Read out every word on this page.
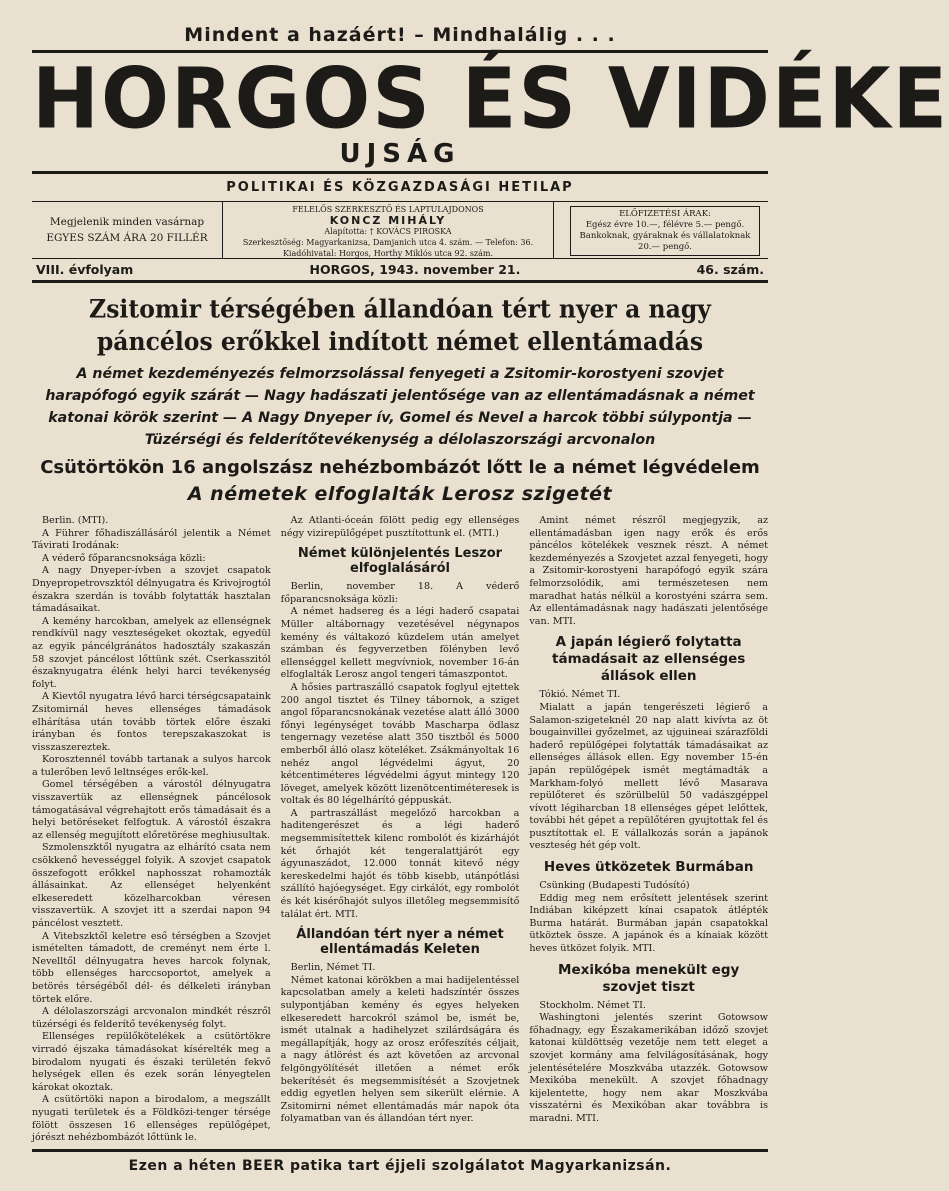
Mindent a hazáért! – Mindhalálig . . .
HORGOS ÉS VIDÉKE
UJSÁG
POLITIKAI ÉS KÖZGAZDASÁGI HETILAP
Megjelenik minden vasárnap
EGYES SZÁM ÁRA 20 FILLÉR
FELELŐS SZERKESZTŐ ÉS LAPTULAJDONOS
KONCZ MIHÁLY
Alapította: † KOVÁCS PIROSKA
Szerkesztőség: Magyarkanizsa, Damjanich utca 4. szám. — Telefon: 36.
Kiadóhivatal: Horgos, Horthy Miklós utca 92. szám.
ELŐFIZETÉSI ÁRAK:
Egész évre 10.—, félévre 5.— pengő.
Bankoknak, gyáraknak és vállalatoknak 20.— pengő.
VIII. évfolyam	HORGOS, 1943. november 21.	46. szám.
Zsitomir térségében állandóan tért nyer a nagy páncélos erőkkel indított német ellentámadás
A német kezdeményezés felmorzsolással fenyegeti a Zsitomir-korostyeni szovjet harapófogó egyik szárát — Nagy hadászati jelentősége van az ellentámadásnak a német katonai körök szerint — A Nagy Dnyeper ív, Gomel és Nevel a harcok többi súlypontja — Tüzérségi és felderítőtevékenység a délolaszországi arcvonalon
Csütörtökön 16 angolszász nehézbombázót lőtt le a német légvédelem
A németek elfoglalták Lerosz szigetét

Berlin. (MTI).

A Führer főhadiszállásáról jelentik a Német Távirati Irodának:

A véderő főparancsnoksága közli:

A nagy Dnyeper-ívben a szovjet csapatok Dnyepropetrovszktól délnyugatra és Krivojrogtól északra szerdán is tovább folytatták hasztalan támadásaikat.

A kemény harcokban, amelyek az ellenségnek rendkívül nagy veszteségeket okoztak, egyedül az egyik páncélgránátos hadosztály szakaszán 58 szovjet páncélost lőttünk szét. Cserkasszitól északnyugatra élénk helyi harci tevékenység folyt.

A Kievtől nyugatra lévő harci térségcsapataink Zsitomirnál heves ellenséges támadások elhárítása után tovább törtek előre északi irányban és fontos terepszakaszokat is visszaszereztek.

Korosztennél tovább tartanak a sulyos harcok a tulerőben levő leltnséges erők-kel.

Gomel térségében a várostól délnyugatra visszavertük az ellenségnek páncélosok támogatásával végrehajtott erős támadásait és a helyi betöréseket felfogtuk. A várostól északra az ellenség megujított előretörése meghiusultak.

Szmolenszktől nyugatra az elhárító csata nem csökkenő hevességgel folyik. A szovjet csapatok összefogott erőkkel naphosszat rohamozták állásainkat. Az ellenséget helyenként elkeseredett közelharcokban véresen visszavertük. A szovjet itt a szerdai napon 94 páncélost vesztett.

A Vitebszktől keletre eső térségben a Szovjet ismételten támadott, de creményt nem érte l. Nevelltől délnyugatra heves harcok folynak, több ellenséges harccsoportot, amelyek a betörés térségéből dél- és délkeleti irányban törtek előre.

A délolaszországi arcvonalon mindkét részről tüzérségi és felderítő tevékenység folyt.

Ellenséges repülőkötelékek a csütörtökre virradó éjszaka támadásokat kísérelték meg a birodalom nyugati és északi területén fekvő helységek ellen és ezek során lényegtelen károkat okoztak.

A csütörtöki napon a birodalom, a megszállt nyugati területek és a Földközi-tenger térsége fölött összesen 16 ellenséges repülőgépet, jórészt nehézbombázót lőttünk le.

Az Atlanti-óceán fölött pedig egy ellenséges négy vizirepülőgépet pusztítottunk el. (MTI.)

Német különjelentés Leszor elfoglalásáról

Berlin, november 18. A véderő főparancsnoksága közli:

A német hadsereg és a légi haderő csapatai Müller altábornagy vezetésével négynapos kemény és váltakozó küzdelem után amelyet számban és fegyverzetben fölényben levő ellenséggel kellett megvívniok, november 16-án elfoglalták Lerosz angol tengeri támaszpontot.

A hősies partraszálló csapatok foglyul ejtettek 200 angol tisztet és Tilney tábornok, a sziget angol főparancsnokának vezetése alatt álló 3000 főnyi legénységet tovább Mascharpa ödlasz tengernagy vezetése alatt 350 tisztből és 5000 emberből álló olasz köteléket. Zsákmányoltak 16 nehéz angol légvédelmi ágyut, 20 kétcentiméteres légvédelmi ágyut mintegy 120 löveget, amelyek között lizenötcentiméteresek is voltak és 80 légelhárító géppuskát.

A partraszállást megelőző harcokban a haditengerészet és a légi haderő megsemmisítettek kilenc rombolót és kizárhájót két őrhajót két tengeralattjárót egy ágyunaszádot, 12.000 tonnát kitevő négy kereskedelmi hajót és több kisebb, utánpótlási szállító hajóegységet. Egy cirkálót, egy rombolót és két kisérőhajót sulyos illetőleg megsemmisítő találat ért. MTI.

Állandóan tért nyer a német ellentámadás Keleten

Berlin, Német TI.

Német katonai körökben a mai hadijelentéssel kapcsolatban amely a keleti hadszíntér összes sulypontjában kemény és egyes helyeken elkeseredett harcokról számol be, ismét be, ismét utalnak a hadihelyzet szilárdságára és megállapítják, hogy az orosz erőfeszítés céljait, a nagy átlörést és azt követően az arcvonal felgöngyölítését illetően a német erők bekerítését és megsemmisítését a Szovjetnek eddig egyetlen helyen sem sikerült elérnie. A Zsitomirni német ellentámadás már napok óta folyamatban van és állandóan tért nyer.

Amint német részről megjegyzik, az ellentámadásban igen nagy erők és erős páncélos kötelékek vesznek részt. A német kezdeményezés a Szovjetet azzal fenyegeti, hogy a Zsitomir-korostyeni harapófogó egyik szára felmorzsolódik, ami természetesen nem maradhat hatás nélkül a korostyéni szárra sem. Az ellentámadásnak nagy hadászati jelentősége van. MTI.

A japán légierő folytatta támadásait az ellenséges állások ellen

Tókió. Német TI.

Mialatt a japán tengerészeti légierő a Salamon-szigeteknél 20 nap alatt kivívta az öt bougainvillei győzelmet, az ujguineai szárazföldi haderő repülőgépei folytatták támadásaikat az ellenséges állások ellen. Egy november 15-én japán repülőgépek ismét megtámadták a Markham-folyó mellett lévő Masarava repülőteret és szörülbelül 50 vadászgéppel vívott légiharcban 18 ellenséges gépet lelőttek, további hét gépet a repülőtéren gyujtottak fel és pusztítottak el. E vállalkozás során a japánok veszteség hét gép volt.

Heves ütközetek Burmában

Csünking (Budapesti Tudósító)

Eddig meg nem erősített jelentések szerint Indiában kiképzett kínai csapatok átlépték Burma határát. Burmában japán csapatokkal ütköztek össze. A japánok és a kínaiak között heves ütközet folyik. MTI.

Mexikóba menekült egy szovjet tiszt

Stockholm. Német TI.

Washingtoni jelentés szerint Gotowsow főhadnagy, egy Északamerikában időző szovjet katonai küldöttség vezetője nem tett eleget a szovjet kormány ama felvilágosításának, hogy jelentésételére Moszkvába utazzék. Gotowsow Mexikóba menekült. A szovjet főhadnagy kijelentette, hogy nem akar Moszkvába visszatérni és Mexikóban akar továbbra is maradni. MTI.

Ezen a héten BEER patika tart éjjeli szolgálatot Magyarkanizsán.
